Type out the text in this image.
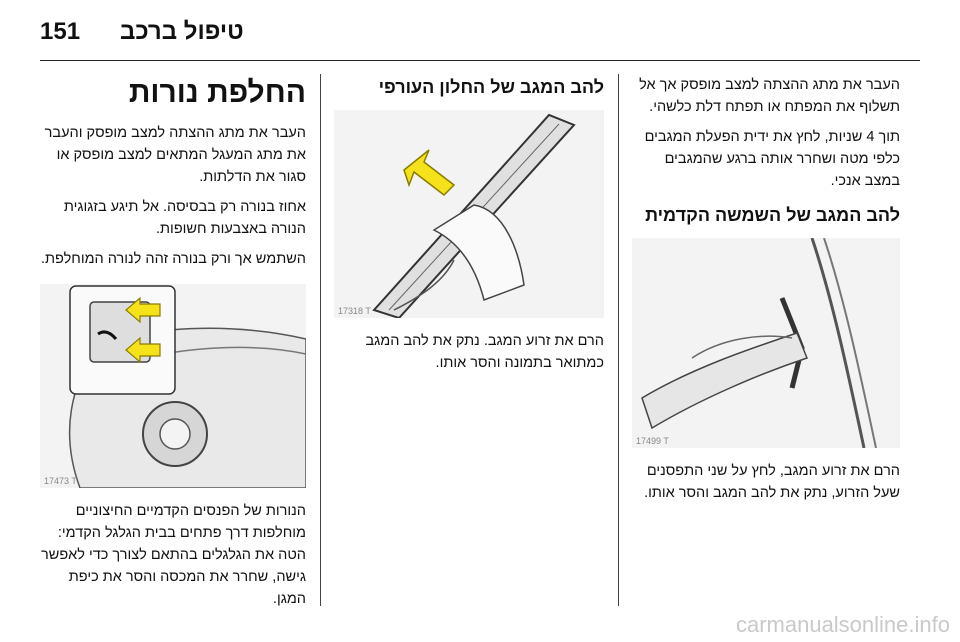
151 טיפול ברכב

העבר את מתג ההצתה למצב מופסק אך אל תשלוף את המפתח או תפתח דלת כלשהי.

תוך 4 שניות, לחץ את ידית הפעלת המגבים כלפי מטה ושחרר אותה ברגע שהמגבים במצב אנכי.

להב המגב של השמשה הקדמית
17499 T

הרם את זרוע המגב, לחץ על שני התפסנים שעל הזרוע, נתק את להב המגב והסר אותו.

להב המגב של החלון העורפי
17318 T

הרם את זרוע המגב. נתק את להב המגב כמתואר בתמונה והסר אותו.

החלפת נורות

העבר את מתג ההצתה למצב מופסק והעבר את מתג המעגל המתאים למצב מופסק או סגור את הדלתות.

אחוז בנורה רק בבסיסה. אל תיגע בזגוגית הנורה באצבעות חשופות.

השתמש אך ורק בנורה זהה לנורה המוחלפת.

17473 T

הנורות של הפנסים הקדמיים החיצוניים מוחלפות דרך פתחים בבית הגלגל הקדמי: הטה את הגלגלים בהתאם לצורך כדי לאפשר גישה, שחרר את המכסה והסר את כיפת המגן.

carmanualsonline.info
